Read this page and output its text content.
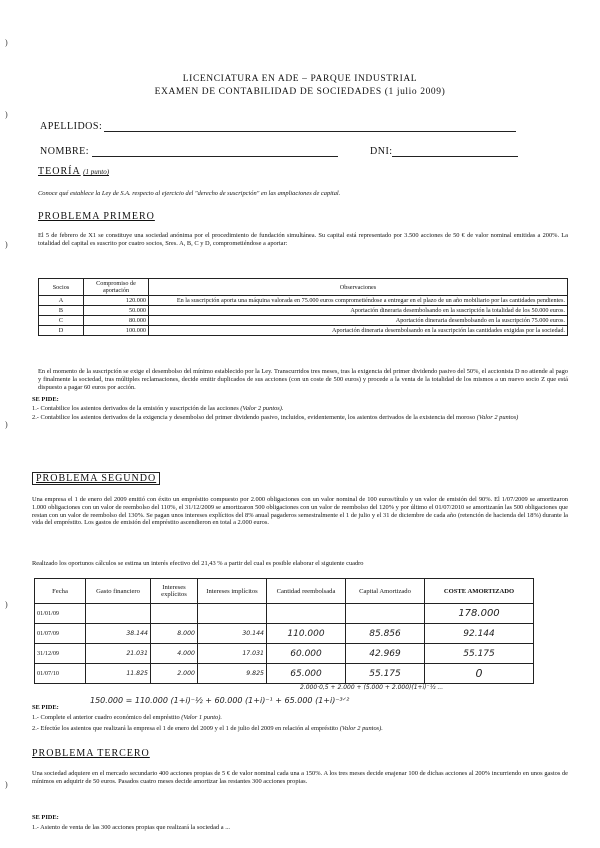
)
)
)
)
)
)
LICENCIATURA EN ADE – PARQUE INDUSTRIAL
EXAMEN DE CONTABILIDAD DE SOCIEDADES (1 julio 2009)
APELLIDOS:
NOMBRE:	DNI:
TEORÍA (1 punto)
Conoce qué establece la Ley de S.A. respecto al ejercicio del "derecho de suscripción" en las ampliaciones de capital.
PROBLEMA PRIMERO
El 5 de febrero de X1 se constituye una sociedad anónima por el procedimiento de fundación simultánea. Su capital está representado por 3.500 acciones de 50 € de valor nominal emitidas a 200%. La totalidad del capital es suscrito por cuatro socios, Sres. A, B, C y D, comprometiéndose a aportar:
Socios	Compromiso de aportación	Observaciones
A	120.000	En la suscripción aporta una máquina valorada en 75.000 euros comprometiéndose a entregar en el plazo de un año mobiliario por las cantidades pendientes.
B	50.000	Aportación dineraria desembolsando en la suscripción la totalidad de los 50.000 euros.
C	80.000	Aportación dineraria desembolsando en la suscripción 75.000 euros.
D	100.000	Aportación dineraria desembolsando en la suscripción las cantidades exigidas por la sociedad.
En el momento de la suscripción se exige el desembolso del mínimo establecido por la Ley. Transcurridos tres meses, tras la exigencia del primer dividendo pasivo del 50%, el accionista D no atiende al pago y finalmente la sociedad, tras múltiples reclamaciones, decide emitir duplicados de sus acciones (con un coste de 500 euros) y procede a la venta de la totalidad de los mismos a un nuevo socio Z que está dispuesto a pagar 60 euros por acción.
SE PIDE:
1.- Contabilice los asientos derivados de la emisión y suscripción de las acciones (Valor 2 puntos).
2.- Contabilice los asientos derivados de la exigencia y desembolso del primer dividendo pasivo, incluidos, evidentemente, los asientos derivados de la existencia del moroso (Valor 2 puntos)
PROBLEMA SEGUNDO
Una empresa el 1 de enero del 2009 emitió con éxito un empréstito compuesto por 2.000 obligaciones con un valor nominal de 100 euros/título y un valor de emisión del 90%. El 1/07/2009 se amortizaron 1.000 obligaciones con un valor de reembolso del 110%, el 31/12/2009 se amortizaron 500 obligaciones con un valor de reembolso del 120% y por último el 01/07/2010 se amortizarán las 500 obligaciones que restan con un valor de reembolso del 130%. Se pagan unos intereses explícitos del 8% anual pagaderos semestralmente el 1 de julio y el 31 de diciembre de cada año (retención de hacienda del 18%) durante la vida del empréstito. Los gastos de emisión del empréstito ascendieron en total a 2.000 euros.
Realizado los oportunos cálculos se estima un interés efectivo del 21,43 % a partir del cual es posible elaborar el siguiente cuadro
Fecha	Gasto financiero	Intereses explícitos	Intereses implícitos	Cantidad reembolsada	Capital Amortizado	COSTE AMORTIZADO
01/01/09						178.000
01/07/09	38.144	8.000	30.144	110.000	85.856	92.144
31/12/09	21.031	4.000	17.031	60.000	42.969	55.175
01/07/10	11.825	2.000	9.825	65.000	55.175	0
150.000 = 110.000 (1+i)⁻½ + 60.000 (1+i)⁻¹ + 65.000 (1+i)⁻³ᐟ²
2.000·0,5 + 2.000 + (5.000 + 2.000)(1+i)⁻½ ...
SE PIDE:
1.- Complete el anterior cuadro económico del empréstito (Valor 1 punto).
2.- Efectúe los asientos que realizará la empresa el 1 de enero del 2009 y el 1 de julio del 2009 en relación al empréstito (Valor 2 puntos).
PROBLEMA TERCERO
Una sociedad adquiere en el mercado secundario 400 acciones propias de 5 € de valor nominal cada una a 150%. A los tres meses decide enajenar 100 de dichas acciones al 200% incurriendo en unos gastos de mínimos en adquirir de 50 euros. Pasados cuatro meses decide amortizar las restantes 300 acciones propias.
SE PIDE:
1.- Asiento de venta de las 300 acciones propias que realizará la sociedad a ...
